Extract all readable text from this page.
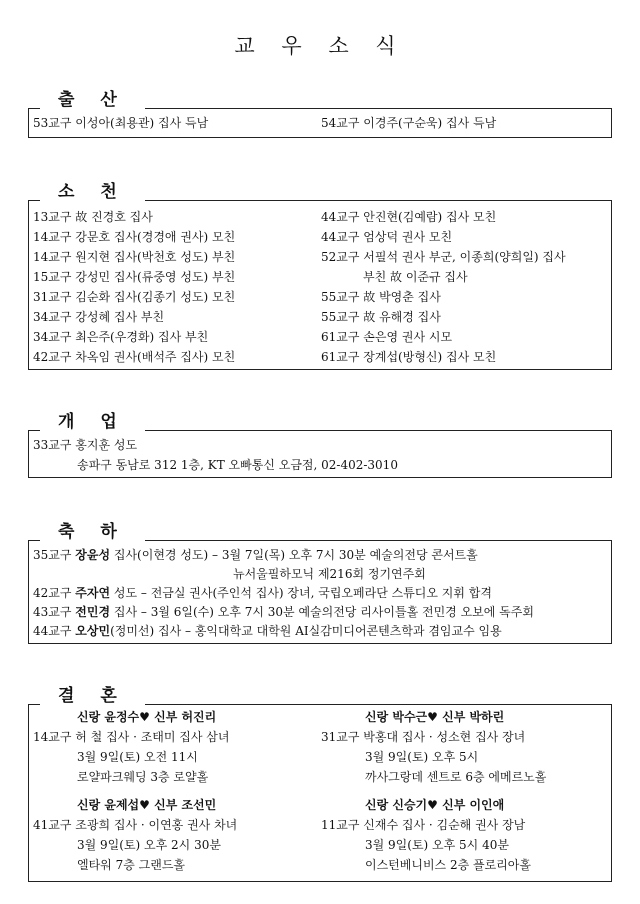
교 우 소 식
53교구 이성아(최용관) 집사 득남	54교구 이경주(구순욱) 집사 득남
출 산
13교구 故 진경호 집사
14교구 강문호 집사(경경애 권사) 모친
14교구 원지현 집사(박천호 성도) 부친
15교구 강성민 집사(류중영 성도) 부친
31교구 김순화 집사(김종기 성도) 모친
34교구 강성혜 집사 부친
34교구 최은주(우경화) 집사 부친
42교구 차옥임 권사(배석주 집사) 모친
44교구 안진현(김예람) 집사 모친
44교구 엄상덕 권사 모친
52교구 서필석 권사 부군, 이종희(양희일) 집사
부친 故 이준규 집사
55교구 故 박영춘 집사
55교구 故 유해경 집사
61교구 손은영 권사 시모
61교구 장계섭(방형신) 집사 모친
소 천
33교구 홍지훈 성도
송파구 동남로 312 1층, KT 오빠통신 오금점, 02-402-3010
개 업
35교구 장윤성 집사(이현경 성도) – 3월 7일(목) 오후 7시 30분 예술의전당 콘서트홀
뉴서울필하모닉 제216회 정기연주회
42교구 주자연 성도 – 전금실 권사(주인석 집사) 장녀, 국립오페라단 스튜디오 지휘 합격
43교구 전민경 집사 – 3월 6일(수) 오후 7시 30분 예술의전당 리사이틀홀 전민경 오보에 독주회
44교구 오상민(정미선) 집사 – 홍익대학교 대학원 AI실감미디어콘텐츠학과 겸임교수 임용
축 하
신랑 윤정수♥ 신부 허진리
14교구 허 철 집사 · 조태미 집사 삼녀
3월 9일(토) 오전 11시
로얄파크웨딩 3층 로얄홀
신랑 박수근♥ 신부 박하린
31교구 박홍대 집사 · 성소현 집사 장녀
3월 9일(토) 오후 5시
까사그랑데 센트로 6층 에메르노홀
신랑 윤제섭♥ 신부 조선민
41교구 조광희 집사 · 이연홍 권사 차녀
3월 9일(토) 오후 2시 30분
엘타워 7층 그랜드홀
신랑 신승기♥ 신부 이인애
11교구 신재수 집사 · 김순해 권사 장남
3월 9일(토) 오후 5시 40분
이스턴베니비스 2층 플로리아홀
결 혼
